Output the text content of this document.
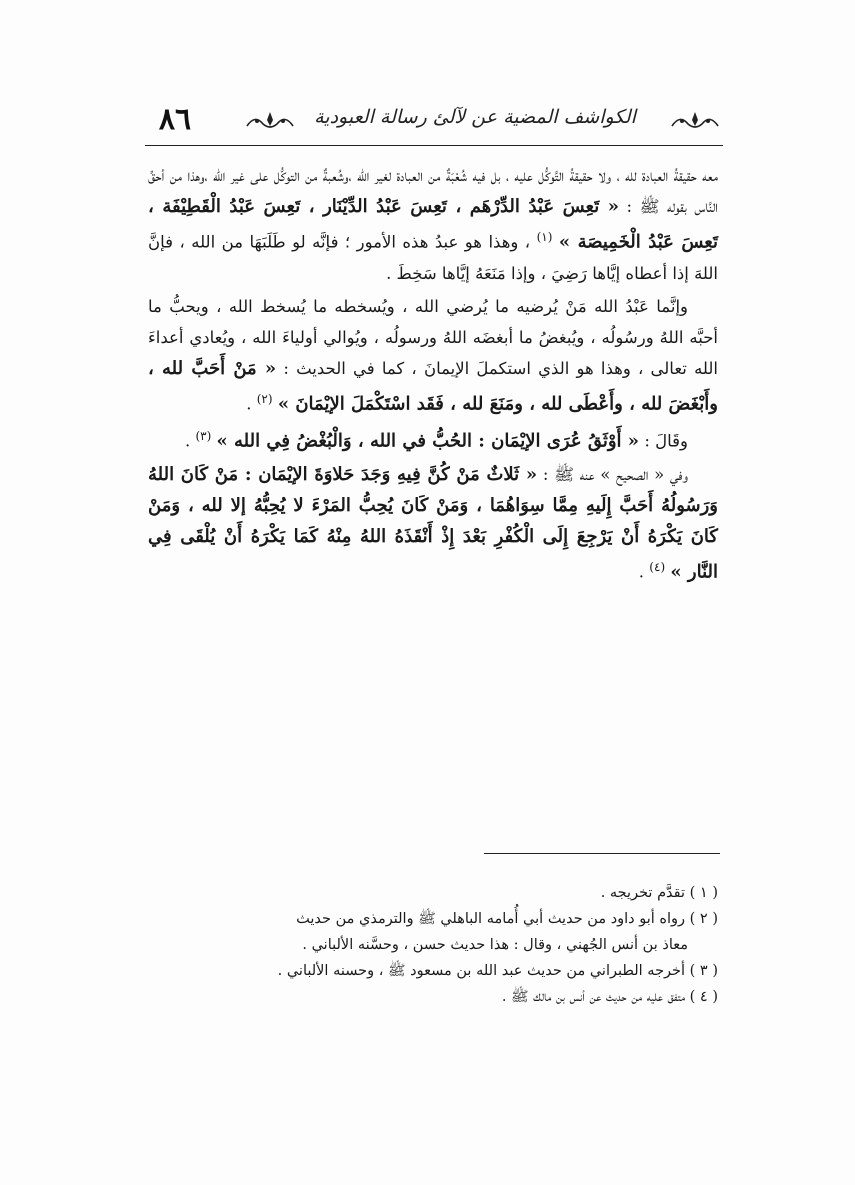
٨٦	الكواشف المضية عن لآلئ رسالة العبودية

معه حقيقةُ العبادة لله ، ولا حقيقةُ التَّوكُّل عليه ، بل فيه شُعْبَةٌ من العبادة لغير الله ،وشُعبةٌ من التوكُّل على غير الله ،وهذا من أحقِّ النَّاس بقوله ﷺ : « تَعِسَ عَبْدُ الدِّرْهَم ، تَعِسَ عَبْدُ الدِّيْنَار ، تَعِسَ عَبْدُ الْقَطِيْفَة ، تَعِسَ عَبْدُ الْخَمِيصَة » $^{(١)}$ ، وهذا هو عبدُ هذه الأمور ؛ فإنَّه لو طَلَبَهَا من الله ، فإنَّ اللهَ إذا أعطاه إيَّاها رَضِيَ ، وإذا مَنَعَهُ إيَّاها سَخِطَ .

وإنَّما عَبْدُ الله مَنْ يُرضيه ما يُرضي الله ، ويُسخطه ما يُسخط الله ، ويحبُّ ما أحبَّه اللهُ ورسُولُه ، ويُبغضُ ما أبغضَه اللهُ ورسولُه ، ويُوالي أولياءَ الله ، ويُعادي أعداءَ الله تعالى ، وهذا هو الذي استكملَ الإيمانَ ، كما في الحديث : « مَنْ أَحَبَّ لله ، وأَبْغَضَ لله ، وأَعْطَى لله ، ومَنَعَ لله ، فَقَد اسْتَكْمَلَ الإيْمَانَ » $^{(٢)}$ .

وقَالَ : « أَوْثَقُ عُرَى الإيْمَان : الحُبُّ في الله ، وَالْبُغْضُ فِي الله » $^{(٣)}$ .

وفي « الصحيح » عنه ﷺ : « ثَلاثٌ مَنْ كُنَّ فِيهِ وَجَدَ حَلاوَةَ الإيْمَان : مَنْ كَانَ اللهُ وَرَسُولُهُ أَحَبَّ إِلَيهِ مِمَّا سِوَاهُمَا ، وَمَنْ كَانَ يُحِبُّ المَرْءَ لا يُحِبُّهُ إلا لله ، وَمَنْ كَانَ يَكْرَهُ أَنْ يَرْجِعَ إِلَى الْكُفْرِ بَعْدَ إِذْ أَنْقَذَهُ اللهُ مِنْهُ كَمَا يَكْرَهُ أَنْ يُلْقَى فِي النَّار » $^{(٤)}$ .

( ١ ) تقدَّم تخريجه .

( ٢ ) رواه أبو داود من حديث أبي أُمامه الباهلي ﷺ والترمذي من حديث

معاذ بن أنس الجُهني ، وقال : هذا حديث حسن ، وحسَّنه الألباني .

( ٣ ) أخرجه الطبراني من حديث عبد الله بن مسعود ﷺ ، وحسنه الألباني .

( ٤ ) متفق عليه من حديث عن أنس بن مالك ﷺ .
